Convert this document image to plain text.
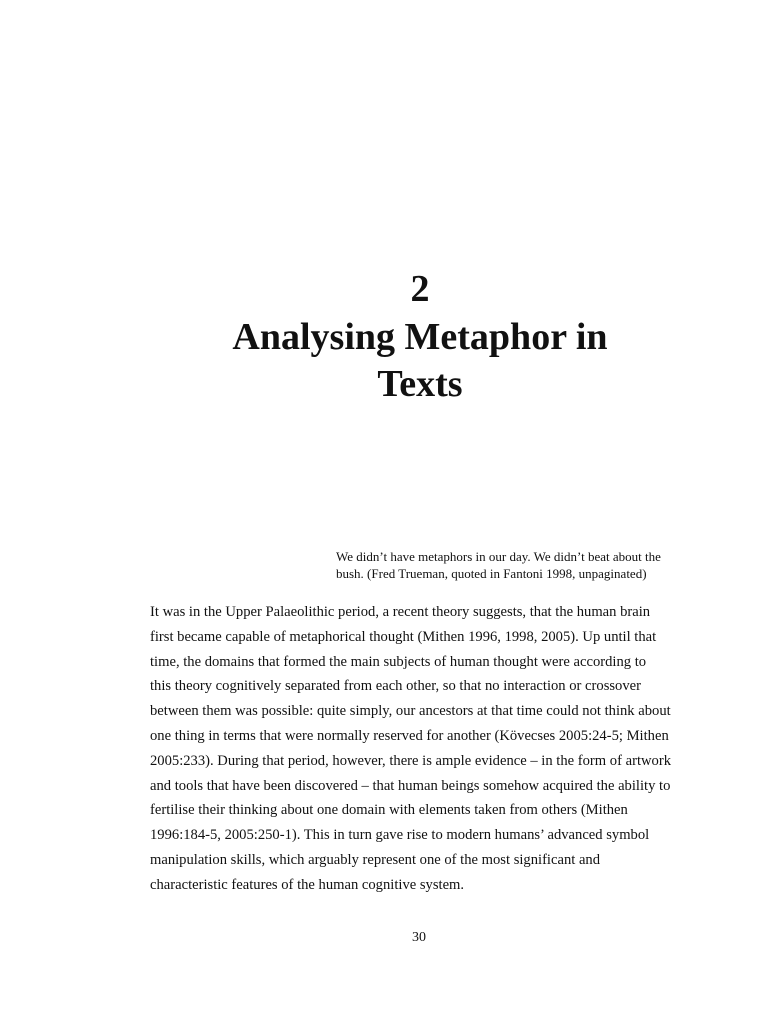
2
Analysing Metaphor in
Texts
We didn’t have metaphors in our day. We didn’t beat about the
bush. (Fred Trueman, quoted in Fantoni 1998, unpaginated)
It was in the Upper Palaeolithic period, a recent theory suggests, that the human brain
first became capable of metaphorical thought (Mithen 1996, 1998, 2005). Up until that
time, the domains that formed the main subjects of human thought were according to
this theory cognitively separated from each other, so that no interaction or crossover
between them was possible: quite simply, our ancestors at that time could not think about
one thing in terms that were normally reserved for another (Kövecses 2005:24-5; Mithen
2005:233). During that period, however, there is ample evidence – in the form of artwork
and tools that have been discovered – that human beings somehow acquired the ability to
fertilise their thinking about one domain with elements taken from others (Mithen
1996:184-5, 2005:250-1). This in turn gave rise to modern humans’ advanced symbol
manipulation skills, which arguably represent one of the most significant and
characteristic features of the human cognitive system.
30
